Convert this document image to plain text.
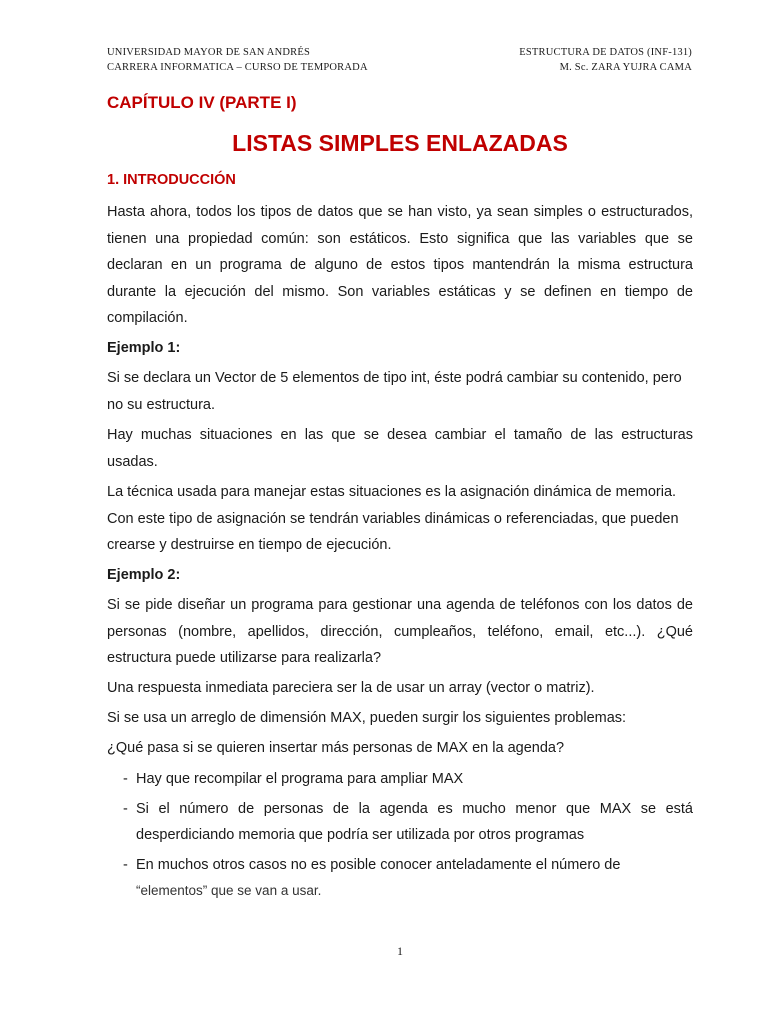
UNIVERSIDAD MAYOR DE SAN ANDRÉS
CARRERA INFORMATICA – CURSO DE TEMPORADA
ESTRUCTURA DE DATOS (INF-131)
M. Sc. ZARA YUJRA CAMA
CAPÍTULO IV (PARTE I)
LISTAS SIMPLES ENLAZADAS
1. INTRODUCCIÓN
Hasta ahora, todos los tipos de datos que se han visto, ya sean simples o estructurados, tienen una propiedad común: son estáticos. Esto significa que las variables que se declaran en un programa de alguno de estos tipos mantendrán la misma estructura durante la ejecución del mismo. Son variables estáticas y se definen en tiempo de compilación.
Ejemplo 1:
Si se declara un Vector de 5 elementos de tipo int, éste podrá cambiar su contenido, pero no su estructura.
Hay muchas situaciones en las que se desea cambiar el tamaño de las estructuras usadas.
La técnica usada para manejar estas situaciones es la asignación dinámica de memoria. Con este tipo de asignación se tendrán variables dinámicas o referenciadas, que pueden crearse y destruirse en tiempo de ejecución.
Ejemplo 2:
Si se pide diseñar un programa para gestionar una agenda de teléfonos con los datos de personas (nombre, apellidos, dirección, cumpleaños, teléfono, email, etc...). ¿Qué estructura puede utilizarse para realizarla?
Una respuesta inmediata pareciera ser la de usar un array (vector o matriz).
Si se usa un arreglo de dimensión MAX, pueden surgir los siguientes problemas:
¿Qué pasa si se quieren insertar más personas de MAX en la agenda?
- Hay que recompilar el programa para ampliar MAX
- Si el número de personas de la agenda es mucho menor que MAX se está desperdiciando memoria que podría ser utilizada por otros programas
- En muchos otros casos no es posible conocer anteladamente el número de
“elementos” que se van a usar.
1
